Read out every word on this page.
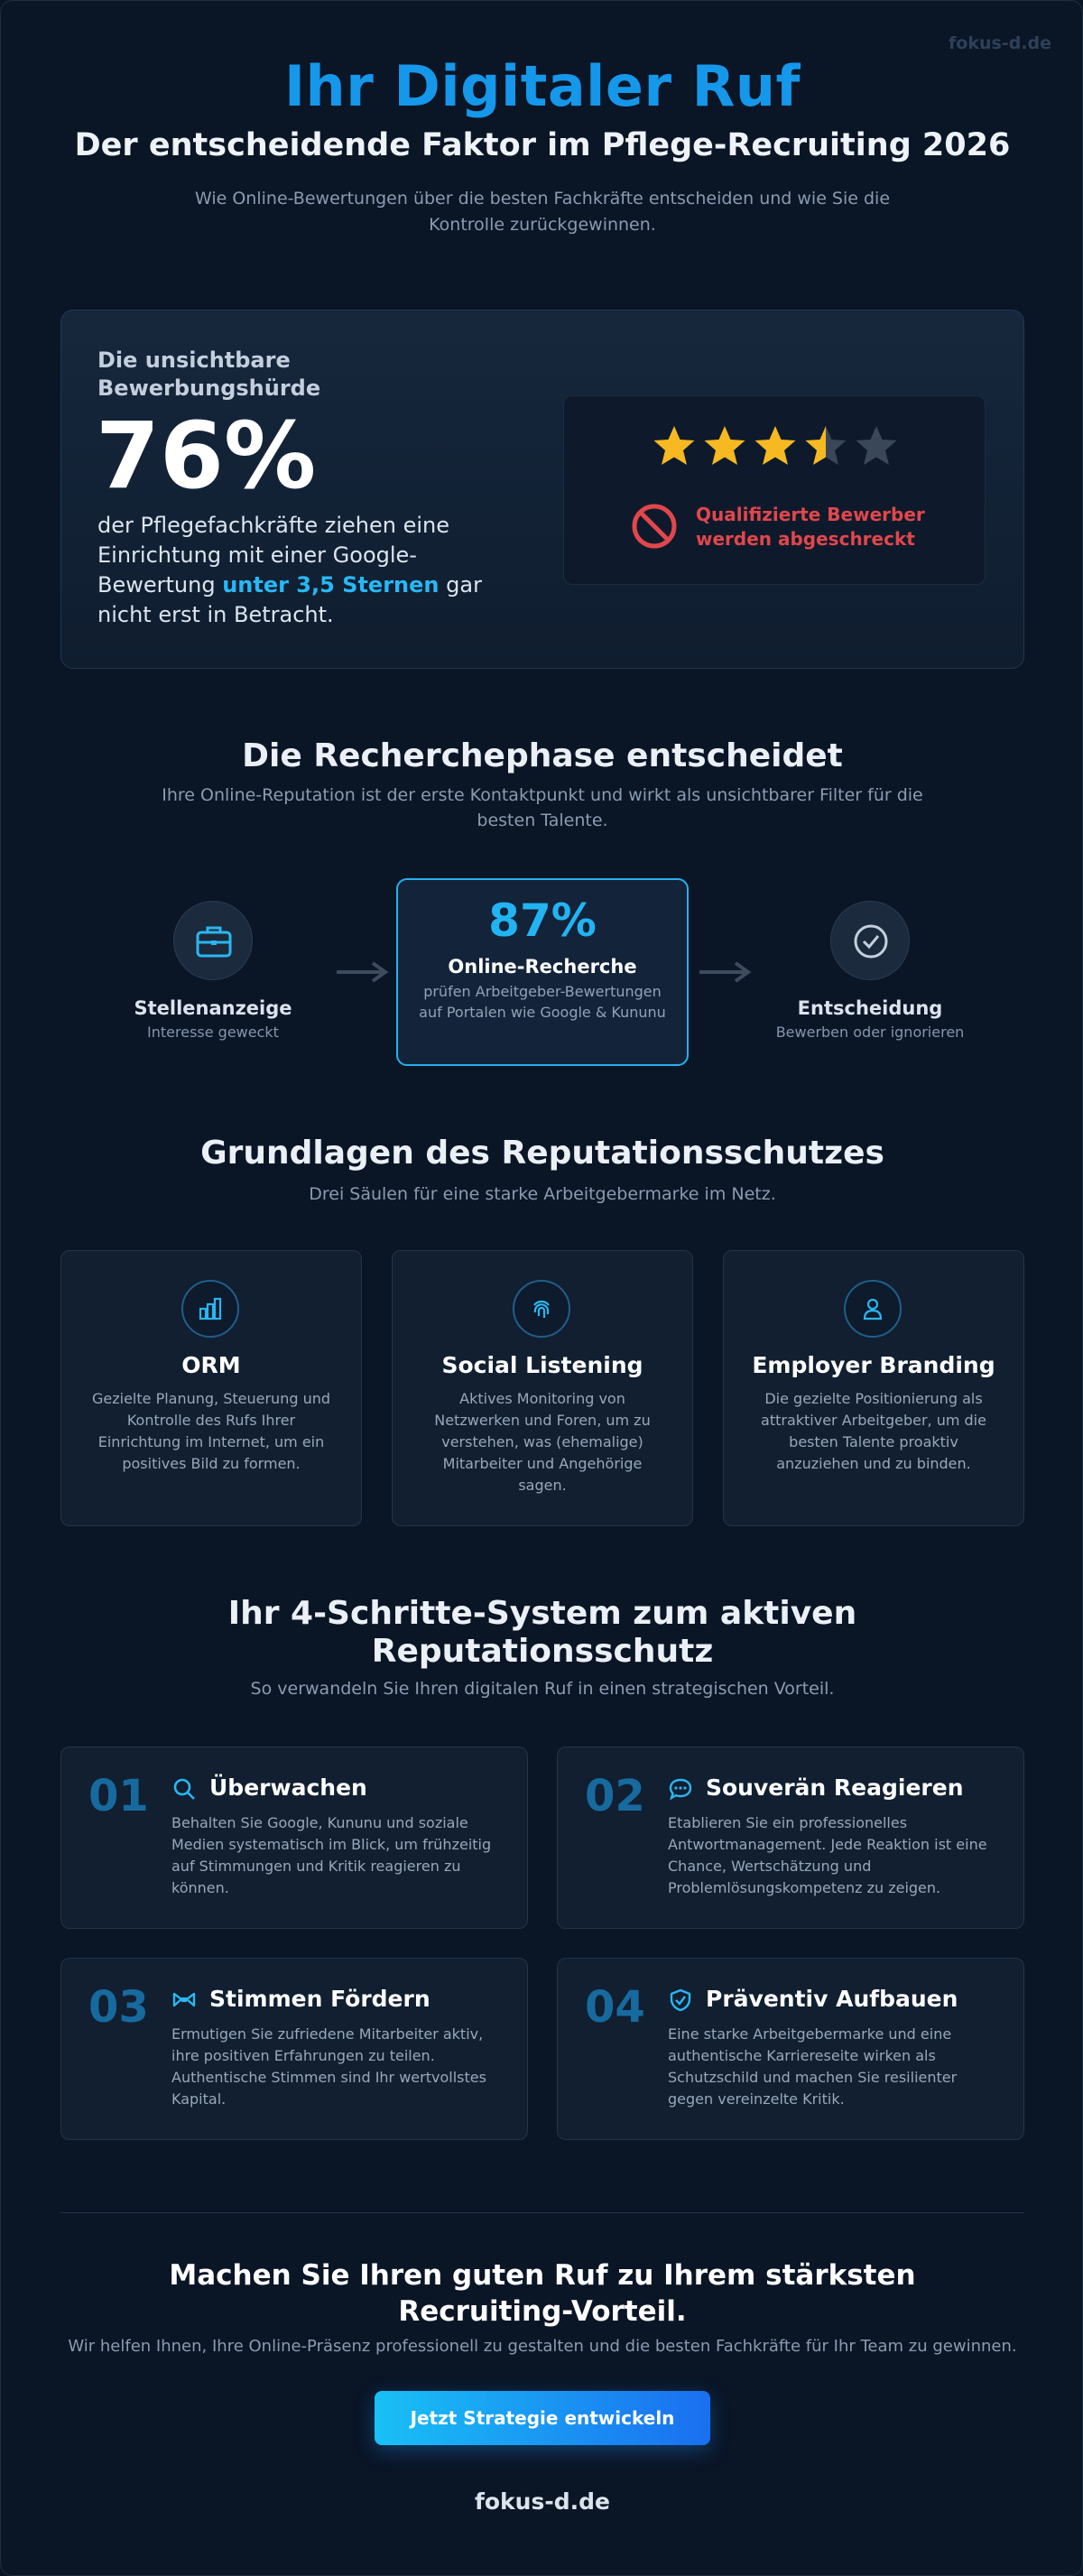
fokus-d.de
Ihr Digitaler Ruf
Der entscheidende Faktor im Pflege-Recruiting 2026
Wie Online-Bewertungen über die besten Fachkräfte entscheiden und wie Sie die Kontrolle zurückgewinnen.
Die unsichtbare Bewerbungshürde
76%
der Pflegefachkräfte ziehen eine Einrichtung mit einer Google-Bewertung unter 3,5 Sternen gar nicht erst in Betracht.
Qualifizierte Bewerber werden abgeschreckt
Die Recherchephase entscheidet
Ihre Online-Reputation ist der erste Kontaktpunkt und wirkt als unsichtbarer Filter für die besten Talente.
Stellenanzeige
Interesse geweckt
87%
Online-Recherche
prüfen Arbeitgeber-Bewertungen auf Portalen wie Google & Kununu	Entscheidung
Bewerben oder ignorieren
Grundlagen des Reputationsschutzes
Drei Säulen für eine starke Arbeitgebermarke im Netz.
ORM
Gezielte Planung, Steuerung und Kontrolle des Rufs Ihrer Einrichtung im Internet, um ein positives Bild zu formen.
Social Listening
Aktives Monitoring von Netzwerken und Foren, um zu verstehen, was (ehemalige) Mitarbeiter und Angehörige sagen.
Employer Branding
Die gezielte Positionierung als attraktiver Arbeitgeber, um die besten Talente proaktiv anzuziehen und zu binden.
Ihr 4-Schritte-System zum aktiven Reputationsschutz
So verwandeln Sie Ihren digitalen Ruf in einen strategischen Vorteil.
01	Überwachen
Behalten Sie Google, Kununu und soziale Medien systematisch im Blick, um frühzeitig auf Stimmungen und Kritik reagieren zu können.
02	Souverän Reagieren
Etablieren Sie ein professionelles Antwortmanagement. Jede Reaktion ist eine Chance, Wertschätzung und Problemlösungskompetenz zu zeigen.
03	Stimmen Fördern
Ermutigen Sie zufriedene Mitarbeiter aktiv, ihre positiven Erfahrungen zu teilen. Authentische Stimmen sind Ihr wertvollstes Kapital.
04	Präventiv Aufbauen
Eine starke Arbeitgebermarke und eine authentische Karriereseite wirken als Schutzschild und machen Sie resilienter gegen vereinzelte Kritik.
Machen Sie Ihren guten Ruf zu Ihrem stärksten Recruiting-Vorteil.
Wir helfen Ihnen, Ihre Online-Präsenz professionell zu gestalten und die besten Fachkräfte für Ihr Team zu gewinnen.
Jetzt Strategie entwickeln
fokus-d.de
